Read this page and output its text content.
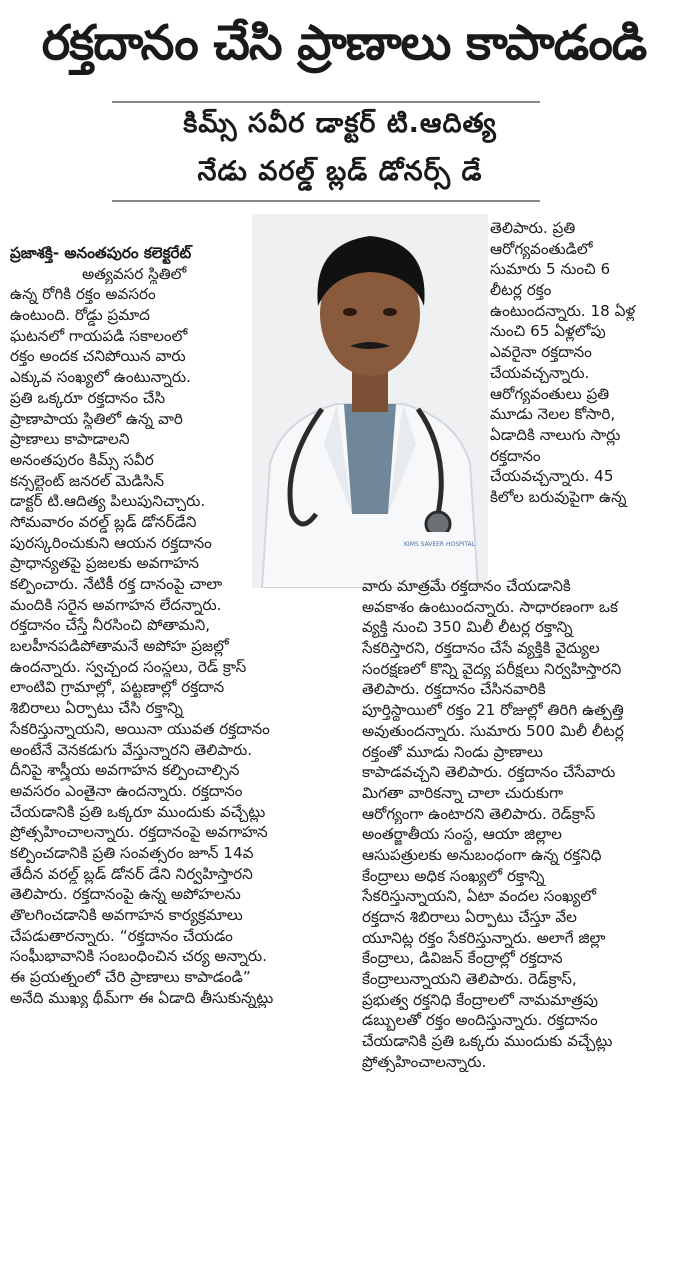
రక్తదానం చేసి ప్రాణాలు కాపాడండి
కిమ్స్ సవీర డాక్టర్ టి.ఆదిత్య
నేడు వరల్డ్ బ్లడ్ డోనర్స్ డే
KIMS SAVEER HOSPITAL
ప్రజాశక్తి- అనంతపురం కలెక్టరేట్
అత్యవసర స్థితిలో
ఉన్న రోగికి రక్తం అవసరం
ఉంటుంది. రోడ్డు ప్రమాద
ఘటనలో గాయపడి సకాలంలో
రక్తం అందక చనిపోయిన వారు
ఎక్కువ సంఖ్యలో ఉంటున్నారు.
ప్రతి ఒక్కరూ రక్తదానం చేసి
ప్రాణాపాయ స్థితిలో ఉన్న వారి
ప్రాణాలు కాపాడాలని
అనంతపురం కిమ్స్ సవీర
కన్సల్టెంట్ జనరల్ మెడిసిన్
డాక్టర్ టి.ఆదిత్య పిలుపునిచ్చారు.
సోమవారం వరల్డ్ బ్లడ్ డోనర్‌డేని
పురస్కరించుకుని ఆయన రక్తదానం
ప్రాధాన్యతపై ప్రజలకు అవగాహన
కల్పించారు. నేటికీ రక్త దానంపై చాలా
మందికి సరైన అవగాహన లేదన్నారు.
రక్తదానం చేస్తే నీరసించి పోతామని,
బలహీనపడిపోతామనే అపోహ ప్రజల్లో
ఉందన్నారు. స్వచ్ఛంద సంస్థలు, రెడ్ క్రాస్
లాంటివి గ్రామాల్లో, పట్టణాల్లో రక్తదాన
శిబిరాలు ఏర్పాటు చేసి రక్తాన్ని
సేకరిస్తున్నాయని, అయినా యువత రక్తదానం
అంటేనే వెనకడుగు వేస్తున్నారని తెలిపారు.
దీనిపై శాస్త్రీయ అవగాహన కల్పించాల్సిన
అవసరం ఎంతైనా ఉందన్నారు. రక్తదానం
చేయడానికి ప్రతి ఒక్కరూ ముందుకు వచ్చేట్లు
ప్రోత్సహించాలన్నారు. రక్తదానంపై అవగాహన
కల్పించడానికి ప్రతి సంవత్సరం జూన్ 14వ
తేదీన వరల్డ్ బ్లడ్ డోనర్ డేని నిర్వహిస్తారని
తెలిపారు. రక్తదానంపై ఉన్న అపోహలను
తొలగించడానికి అవగాహన కార్యక్రమాలు
చేపడుతారన్నారు. “రక్తదానం చేయడం
సంఘీభావానికి సంబంధించిన చర్య అన్నారు.
ఈ ప్రయత్నంలో చేరి ప్రాణాలు కాపాడండి”
అనేది ముఖ్య థీమ్‌గా ఈ ఏడాది తీసుకున్నట్లు
తెలిపారు. ప్రతి
ఆరోగ్యవంతుడిలో
సుమారు 5 నుంచి 6
లీటర్ల రక్తం
ఉంటుందన్నారు. 18 ఏళ్ల
నుంచి 65 ఏళ్లలోపు
ఎవరైనా రక్తదానం
చేయవచ్చన్నారు.
ఆరోగ్యవంతులు ప్రతి
మూడు నెలల కోసారి,
ఏడాదికి నాలుగు సార్లు
రక్తదానం
చేయవచ్చన్నారు. 45
కిలోల బరువుపైగా ఉన్న
వారు మాత్రమే రక్తదానం చేయడానికి
అవకాశం ఉంటుందన్నారు. సాధారణంగా ఒక
వ్యక్తి నుంచి 350 మిలీ లీటర్ల రక్తాన్ని
సేకరిస్తారని, రక్తదానం చేసే వ్యక్తికి వైద్యుల
సంరక్షణలో కొన్ని వైద్య పరీక్షలు నిర్వహిస్తారని
తెలిపారు. రక్తదానం చేసినవారికి
పూర్తిస్థాయిలో రక్తం 21 రోజుల్లో తిరిగి ఉత్పత్తి
అవుతుందన్నారు. సుమారు 500 మిలీ లీటర్ల
రక్తంతో మూడు నిండు ప్రాణాలు
కాపాడవచ్చని తెలిపారు. రక్తదానం చేసేవారు
మిగతా వారికన్నా చాలా చురుకుగా
ఆరోగ్యంగా ఉంటారని తెలిపారు. రెడ్‌క్రాస్
అంతర్జాతీయ సంస్థ, ఆయా జిల్లాల
ఆసుపత్రులకు అనుబంధంగా ఉన్న రక్తనిధి
కేంద్రాలు అధిక సంఖ్యలో రక్తాన్ని
సేకరిస్తున్నాయని, ఏటా వందల సంఖ్యలో
రక్తదాన శిబిరాలు ఏర్పాటు చేస్తూ వేల
యూనిట్ల రక్తం సేకరిస్తున్నారు. అలాగే జిల్లా
కేంద్రాలు, డివిజన్ కేంద్రాల్లో రక్తదాన
కేంద్రాలున్నాయని తెలిపారు. రెడ్‌క్రాస్,
ప్రభుత్వ రక్తనిధి కేంద్రాలలో నామమాత్రపు
డబ్బులతో రక్తం అందిస్తున్నారు. రక్తదానం
చేయడానికి ప్రతి ఒక్కరు ముందుకు వచ్చేట్లు
ప్రోత్సహించాలన్నారు.
